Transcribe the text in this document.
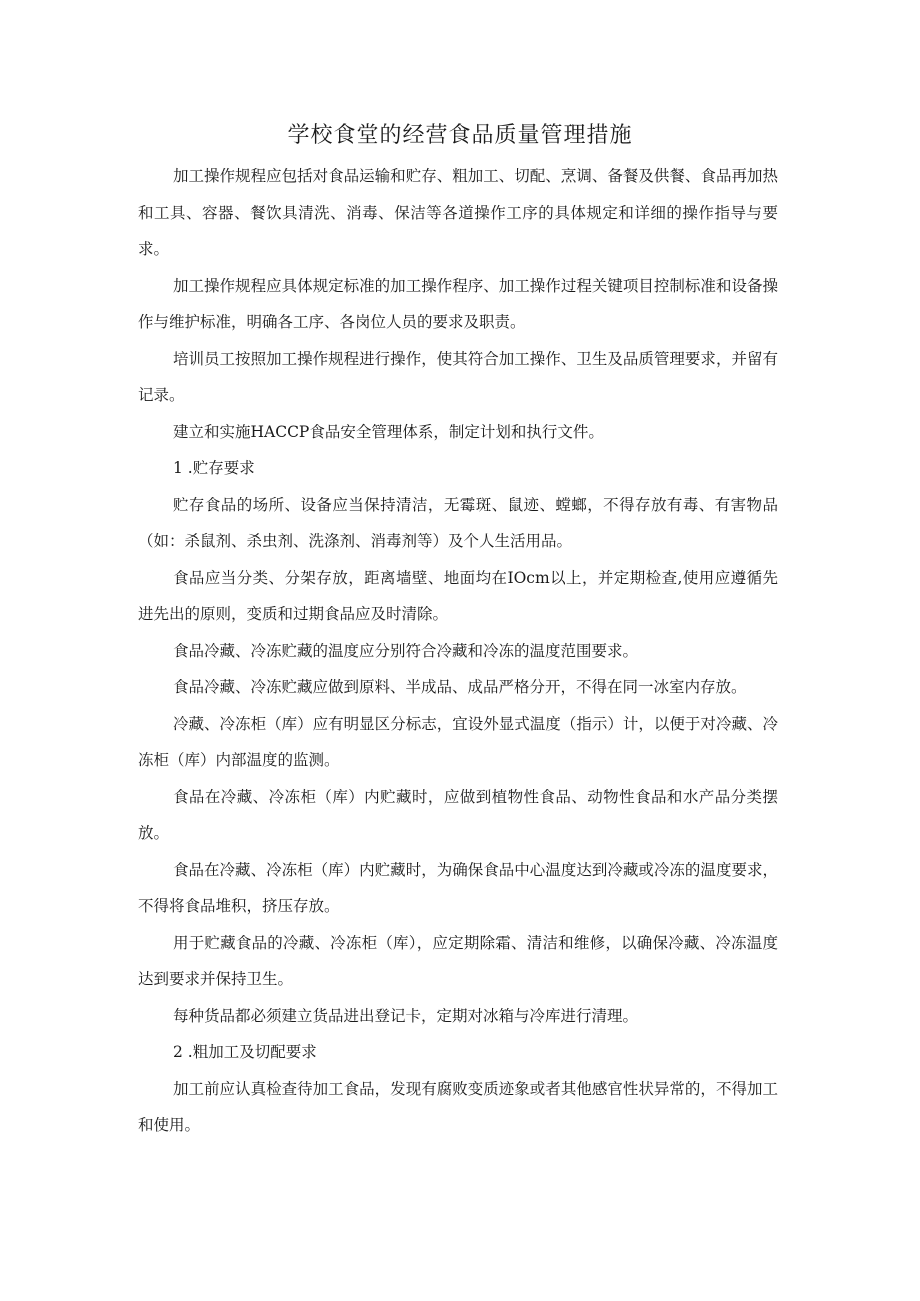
学校食堂的经营食品质量管理措施

加工操作规程应包括对食品运输和贮存、粗加工、切配、烹调、备餐及供餐、食品再加热和工具、容器、餐饮具清洗、消毒、保洁等各道操作工序的具体规定和详细的操作指导与要求。

加工操作规程应具体规定标准的加工操作程序、加工操作过程关键项目控制标准和设备操作与维护标准，明确各工序、各岗位人员的要求及职责。

培训员工按照加工操作规程进行操作，使其符合加工操作、卫生及品质管理要求，并留有记录。

建立和实施HACCP食品安全管理体系，制定计划和执行文件。

1 .贮存要求

贮存食品的场所、设备应当保持清洁，无霉斑、鼠迹、螳螂，不得存放有毒、有害物品（如：杀鼠剂、杀虫剂、洗涤剂、消毒剂等）及个人生活用品。

食品应当分类、分架存放，距离墙壁、地面均在IOcm以上，并定期检查,使用应遵循先进先出的原则，变质和过期食品应及时清除。

食品冷藏、冷冻贮藏的温度应分别符合冷藏和冷冻的温度范围要求。

食品冷藏、冷冻贮藏应做到原料、半成品、成品严格分开，不得在同一冰室内存放。

冷藏、冷冻柜（库）应有明显区分标志，宜设外显式温度（指示）计，以便于对冷藏、冷冻柜（库）内部温度的监测。

食品在冷藏、冷冻柜（库）内贮藏时，应做到植物性食品、动物性食品和水产品分类摆放。

食品在冷藏、冷冻柜（库）内贮藏时，为确保食品中心温度达到冷藏或冷冻的温度要求，不得将食品堆积，挤压存放。

用于贮藏食品的冷藏、冷冻柜（库），应定期除霜、清洁和维修，以确保冷藏、冷冻温度达到要求并保持卫生。

每种货品都必须建立货品进出登记卡，定期对冰箱与冷库进行清理。

2 .粗加工及切配要求

加工前应认真检查待加工食品，发现有腐败变质迹象或者其他感官性状异常的，不得加工和使用。
